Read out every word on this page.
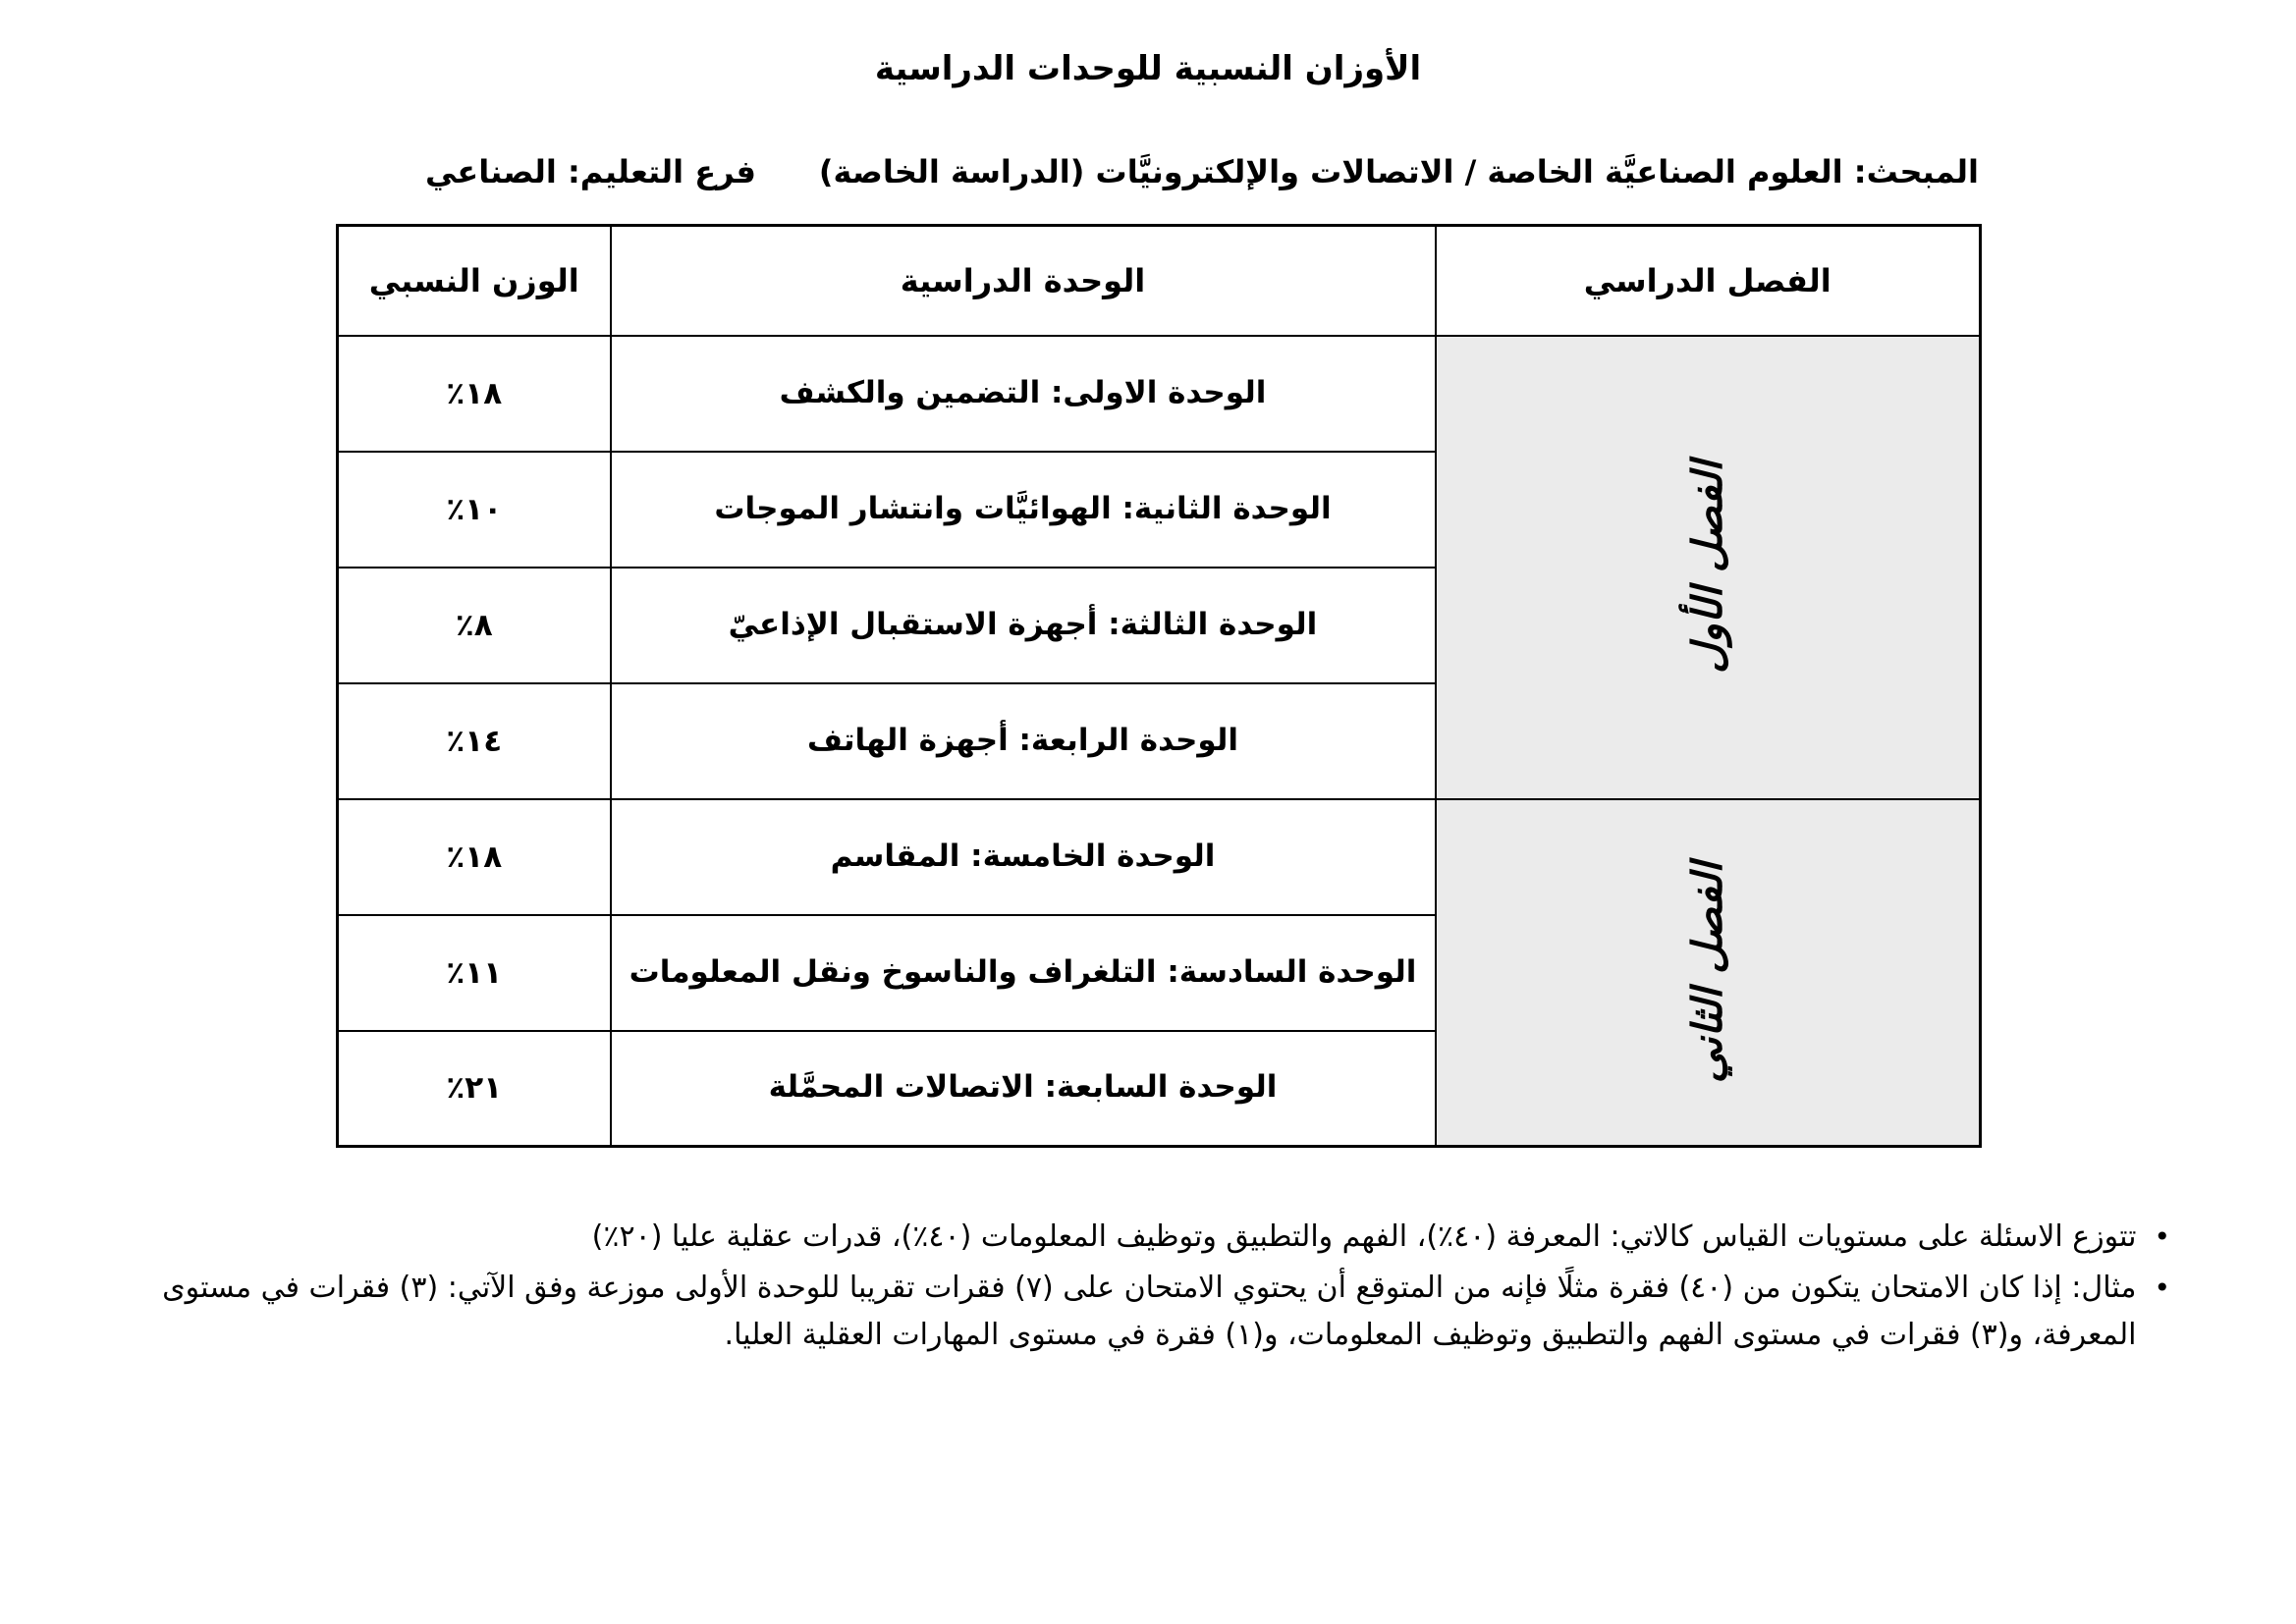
الأوزان النسبية للوحدات الدراسية
المبحث: العلوم الصناعيَّة الخاصة / الاتصالات والإلكترونيَّات (الدراسة الخاصة)
فرع التعليم: الصناعي
الفصل الدراسي	الوحدة الدراسية	الوزن النسبي
الفصل الأول	الوحدة الاولى: التضمين والكشف	١٨٪
	الوحدة الثانية: الهوائيَّات وانتشار الموجات	١٠٪
	الوحدة الثالثة: أجهزة الاستقبال الإذاعيّ	٨٪
	الوحدة الرابعة: أجهزة الهاتف	١٤٪
الفصل الثاني	الوحدة الخامسة: المقاسم	١٨٪
	الوحدة السادسة: التلغراف والناسوخ ونقل المعلومات	١١٪
	الوحدة السابعة: الاتصالات المحمَّلة	٢١٪
•
تتوزع الاسئلة على مستويات القياس كالاتي: المعرفة (٤٠٪)، الفهم والتطبيق وتوظيف المعلومات (٤٠٪)، قدرات عقلية عليا (٢٠٪)
•
مثال: إذا كان الامتحان يتكون من (٤٠) فقرة مثلًا فإنه من المتوقع أن يحتوي الامتحان على (٧) فقرات تقريبا للوحدة الأولى موزعة وفق الآتي: (٣) فقرات في مستوى المعرفة، و(٣) فقرات في مستوى الفهم والتطبيق وتوظيف المعلومات، و(١) فقرة في مستوى المهارات العقلية العليا.
